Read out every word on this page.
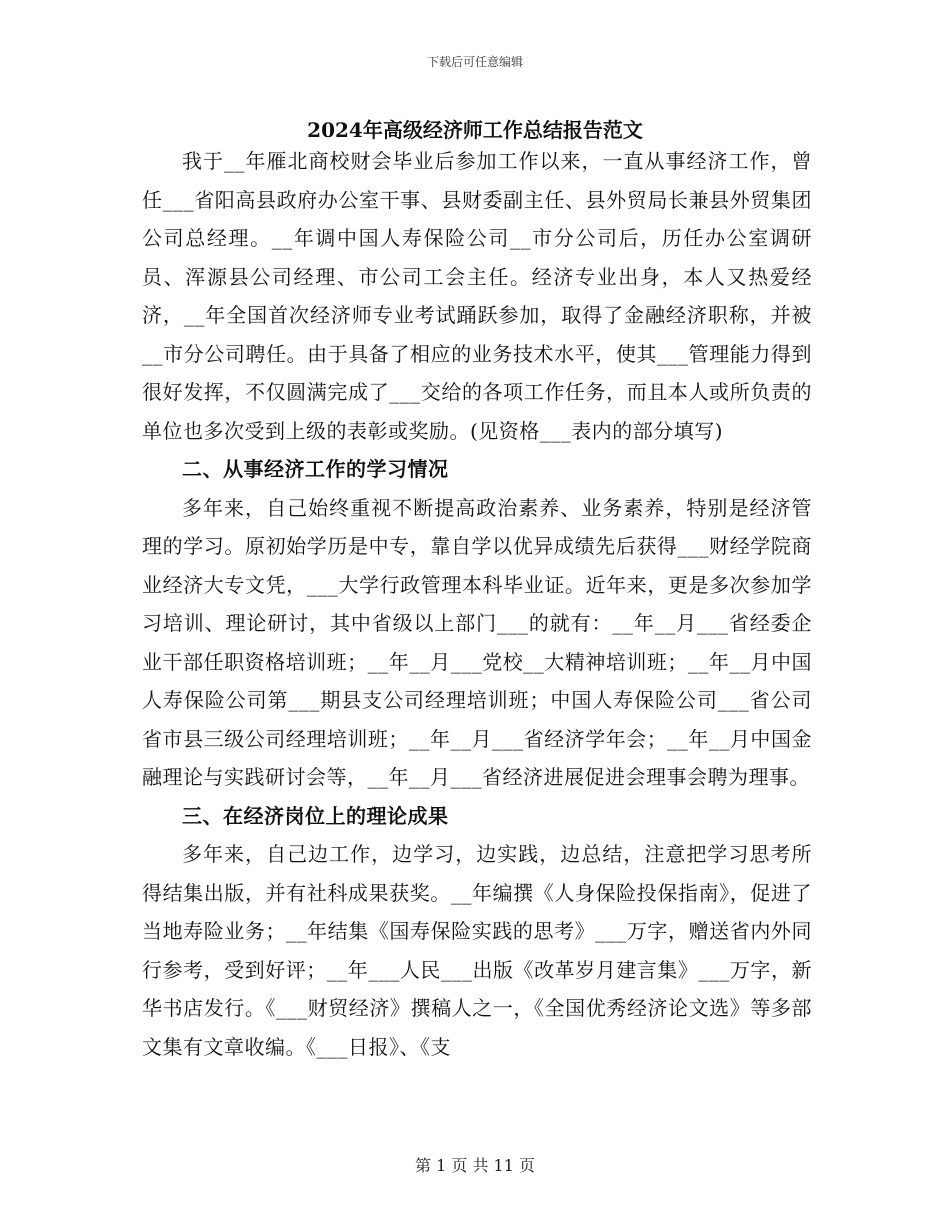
下载后可任意编辑
2024年高级经济师工作总结报告范文

我于__年雁北商校财会毕业后参加工作以来，一直从事经济工作，曾任___省阳高县政府办公室干事、县财委副主任、县外贸局长兼县外贸集团公司总经理。__年调中国人寿保险公司__市分公司后，历任办公室调研员、浑源县公司经理、市公司工会主任。经济专业出身，本人又热爱经济，__年全国首次经济师专业考试踊跃参加，取得了金融经济职称，并被__市分公司聘任。由于具备了相应的业务技术水平，使其___管理能力得到很好发挥，不仅圆满完成了___交给的各项工作任务，而且本人或所负责的单位也多次受到上级的表彰或奖励。(见资格___表内的部分填写)

二、从事经济工作的学习情况

多年来，自己始终重视不断提高政治素养、业务素养，特别是经济管理的学习。原初始学历是中专，靠自学以优异成绩先后获得___财经学院商业经济大专文凭，___大学行政管理本科毕业证。近年来，更是多次参加学习培训、理论研讨，其中省级以上部门___的就有：__年__月___省经委企业干部任职资格培训班；__年__月___党校__大精神培训班；__年__月中国人寿保险公司第___期县支公司经理培训班；中国人寿保险公司___省公司省市县三级公司经理培训班；__年__月___省经济学年会；__年__月中国金融理论与实践研讨会等，__年__月___省经济进展促进会理事会聘为理事。

三、在经济岗位上的理论成果

多年来，自己边工作，边学习，边实践，边总结，注意把学习思考所得结集出版，并有社科成果获奖。__年编撰《人身保险投保指南》，促进了当地寿险业务；__年结集《国寿保险实践的思考》___万字，赠送省内外同行参考，受到好评；__年___人民___出版《改革岁月建言集》___万字，新华书店发行。《___财贸经济》撰稿人之一，《全国优秀经济论文选》等多部文集有文章收编。《___日报》、《支

第 1 页 共 11 页
